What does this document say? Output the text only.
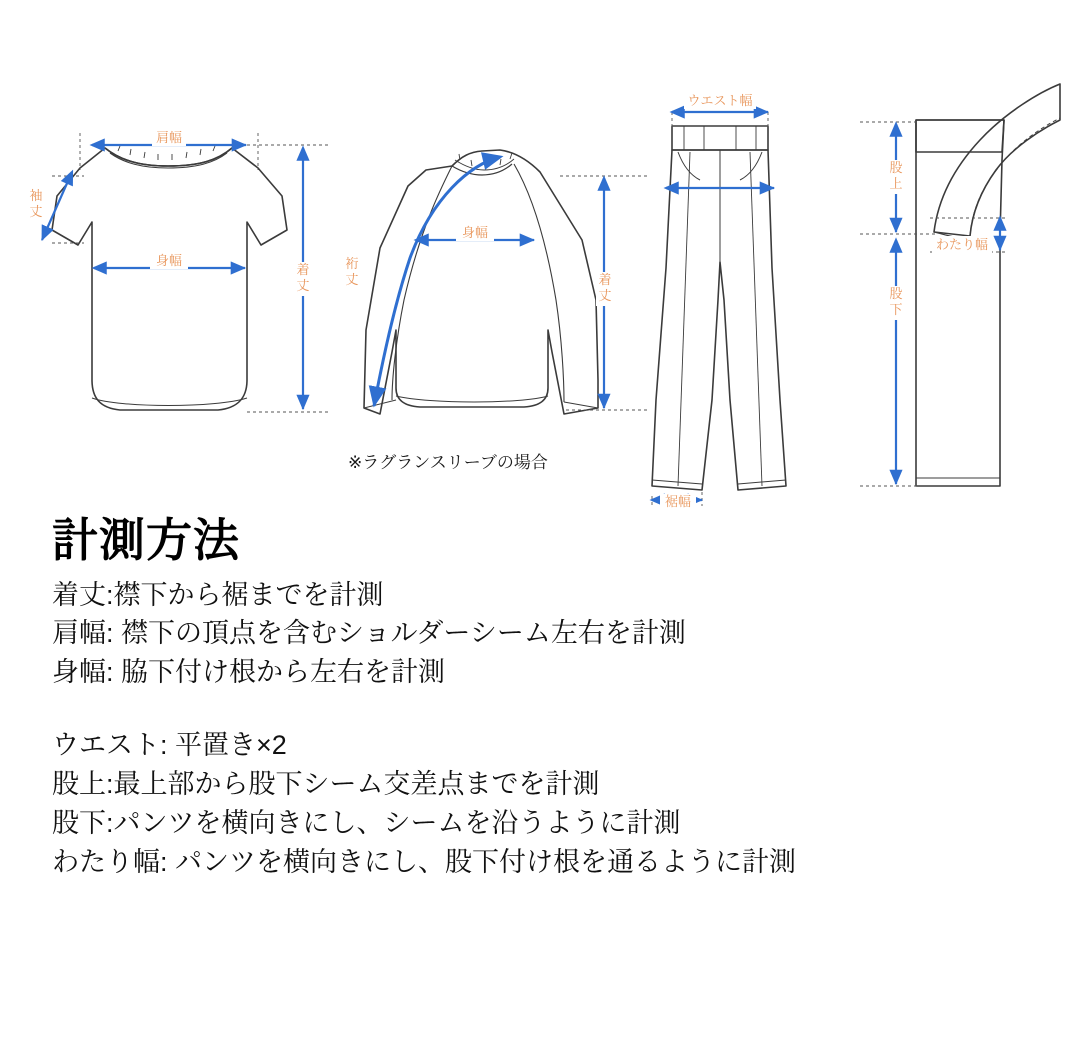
肩幅
袖
丈
身幅
着
丈
裄
丈
身幅
着
丈
※ラグランスリーブの場合
ウエスト幅
裾幅
股
上
股
下
わたり幅
計測方法
着丈:襟下から裾までを計測
肩幅: 襟下の頂点を含むショルダーシーム左右を計測
身幅: 脇下付け根から左右を計測
ウエスト: 平置き×2
股上:最上部から股下シーム交差点までを計測
股下:パンツを横向きにし、シームを沿うように計測
わたり幅: パンツを横向きにし、股下付け根を通るように計測
